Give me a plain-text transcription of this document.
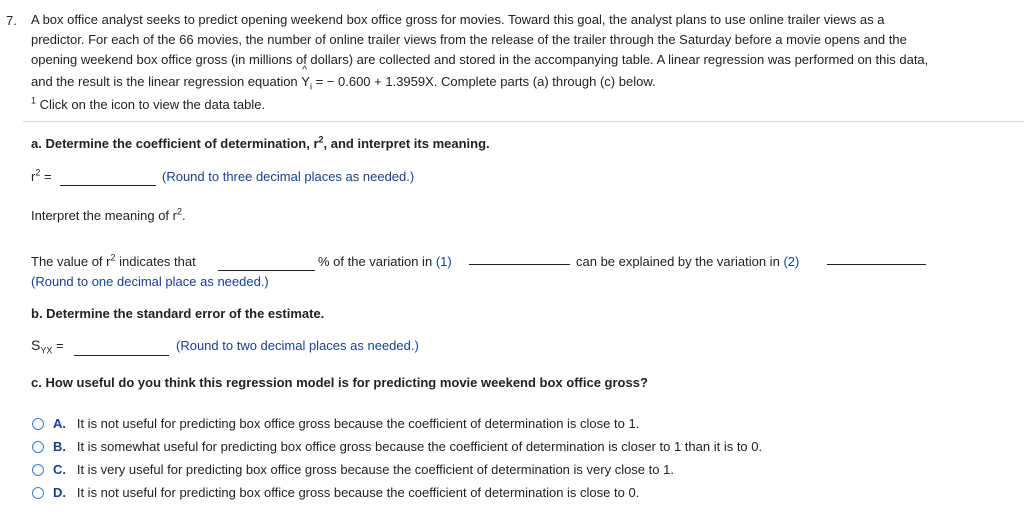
7. A box office analyst seeks to predict opening weekend box office gross for movies. Toward this goal, the analyst plans to use online trailer views as a
predictor. For each of the 66 movies, the number of online trailer views from the release of the trailer through the Saturday before a movie opens and the
opening weekend box office gross (in millions of dollars) are collected and stored in the accompanying table. A linear regression was performed on this data,
and the result is the linear regression equation
^
$Y_i$ = − 0.600 + 1.3959X. Complete parts (a) through (c) below.
$^1$ Click on the icon to view the data table.
a. Determine the coefficient of determination, $r^2$, and interpret its meaning.
$r^2$ =	(Round to three decimal places as needed.)
Interpret the meaning of $r^2$.
The value of $r^2$ indicates that	% of the variation in (1)	can be explained by the variation in (2)
(Round to one decimal place as needed.)
b. Determine the standard error of the estimate.
$S_{YX}$ =	(Round to two decimal places as needed.)
c. How useful do you think this regression model is for predicting movie weekend box office gross?
A. It is not useful for predicting box office gross because the coefficient of determination is close to 1.
B. It is somewhat useful for predicting box office gross because the coefficient of determination is closer to 1 than it is to 0.
C. It is very useful for predicting box office gross because the coefficient of determination is very close to 1.
D. It is not useful for predicting box office gross because the coefficient of determination is close to 0.
